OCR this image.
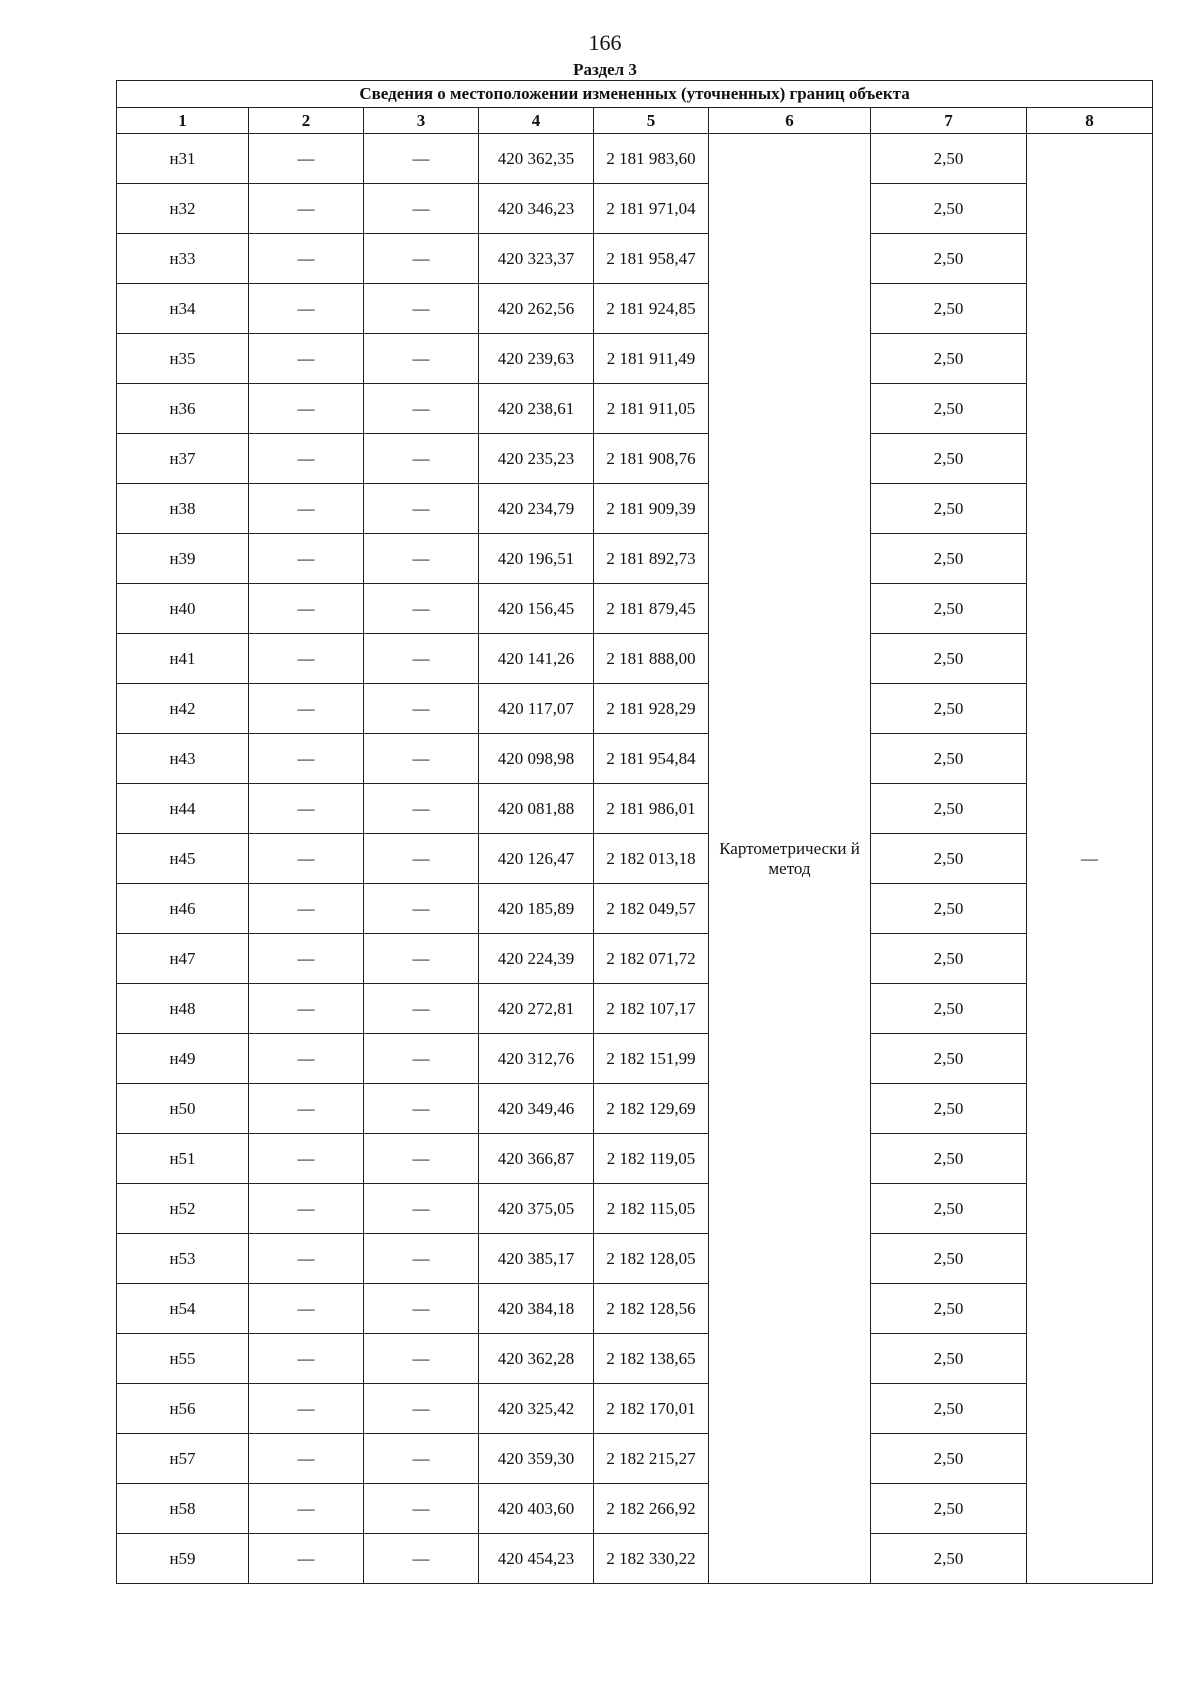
166
Раздел 3
Сведения о местоположении измененных (уточненных) границ объекта							
1	2	3	4	5	6	7	8
н31	—	—	420 362,35	2 181 983,60	Картометрически й метод	2,50	—
н32	—	—	420 346,23	2 181 971,04		2,50	
н33	—	—	420 323,37	2 181 958,47		2,50	
н34	—	—	420 262,56	2 181 924,85		2,50	
н35	—	—	420 239,63	2 181 911,49		2,50	
н36	—	—	420 238,61	2 181 911,05		2,50	
н37	—	—	420 235,23	2 181 908,76		2,50	
н38	—	—	420 234,79	2 181 909,39		2,50	
н39	—	—	420 196,51	2 181 892,73		2,50	
н40	—	—	420 156,45	2 181 879,45		2,50	
н41	—	—	420 141,26	2 181 888,00		2,50	
н42	—	—	420 117,07	2 181 928,29		2,50	
н43	—	—	420 098,98	2 181 954,84		2,50	
н44	—	—	420 081,88	2 181 986,01		2,50	
н45	—	—	420 126,47	2 182 013,18		2,50	
н46	—	—	420 185,89	2 182 049,57		2,50	
н47	—	—	420 224,39	2 182 071,72		2,50	
н48	—	—	420 272,81	2 182 107,17		2,50	
н49	—	—	420 312,76	2 182 151,99		2,50	
н50	—	—	420 349,46	2 182 129,69		2,50	
н51	—	—	420 366,87	2 182 119,05		2,50	
н52	—	—	420 375,05	2 182 115,05		2,50	
н53	—	—	420 385,17	2 182 128,05		2,50	
н54	—	—	420 384,18	2 182 128,56		2,50	
н55	—	—	420 362,28	2 182 138,65		2,50	
н56	—	—	420 325,42	2 182 170,01		2,50	
н57	—	—	420 359,30	2 182 215,27		2,50	
н58	—	—	420 403,60	2 182 266,92		2,50	
н59	—	—	420 454,23	2 182 330,22		2,50	
